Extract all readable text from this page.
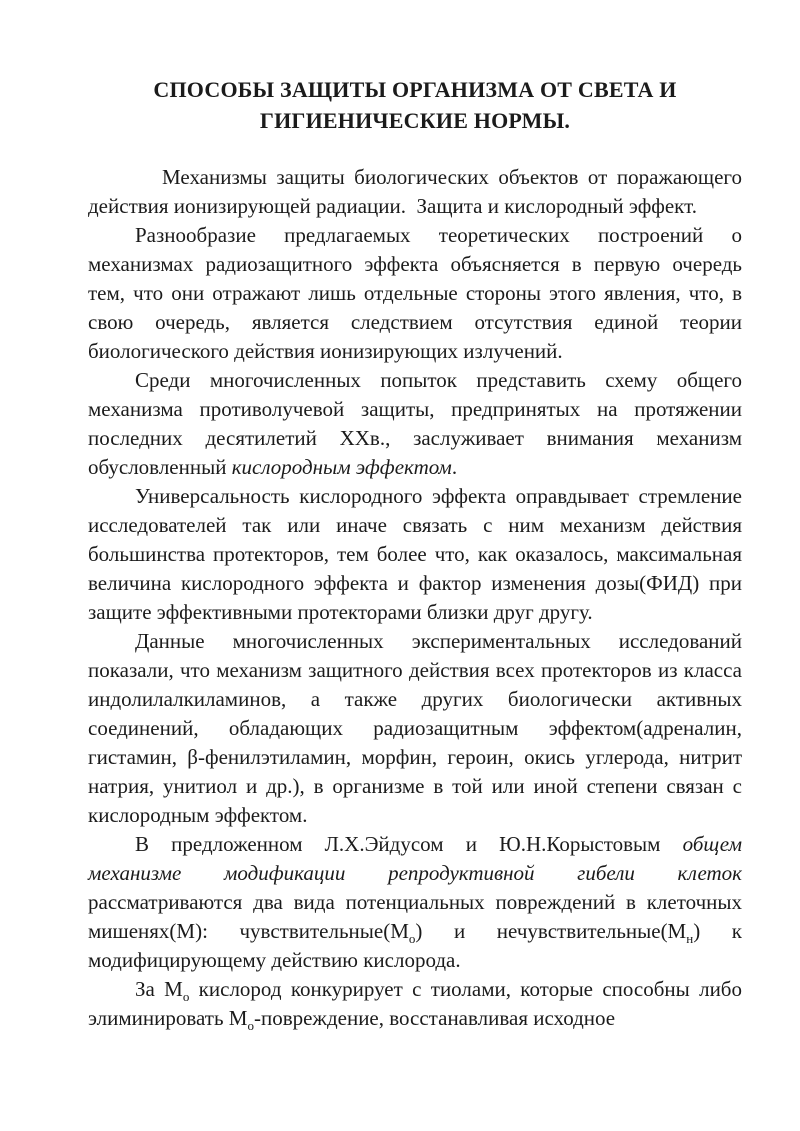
СПОСОБЫ ЗАЩИТЫ ОРГАНИЗМА ОТ СВЕТА И
ГИГИЕНИЧЕСКИЕ НОРМЫ.

Механизмы защиты биологических объектов от поражающего действия ионизирующей радиации.  Защита и кислородный эффект.

Разнообразие предлагаемых теоретических построений о механизмах радиозащитного эффекта объясняется в первую очередь тем, что они отражают лишь отдельные стороны этого явления, что, в свою очередь, является следствием отсутствия единой теории биологического действия ионизирующих излучений.

Среди многочисленных попыток представить схему общего механизма противолучевой защиты, предпринятых на протяжении последних десятилетий XXв., заслуживает внимания механизм обусловленный кислородным эффектом.

Универсальность кислородного эффекта оправдывает стремление исследователей так или иначе связать с ним механизм действия большинства протекторов, тем более что, как оказалось, максимальная величина кислородного эффекта и фактор изменения дозы(ФИД) при защите эффективными протекторами близки друг другу.

Данные многочисленных экспериментальных исследований показали, что механизм защитного действия всех протекторов из класса индолилалкиламинов, а также других биологически активных соединений, обладающих радиозащитным эффектом(адреналин, гистамин, β-фенилэтиламин, морфин, героин, окись углерода, нитрит натрия, унитиол и др.), в организме в той или иной степени связан с кислородным эффектом.

В предложенном Л.Х.Эйдусом и Ю.Н.Корыстовым общем механизме модификации репродуктивной гибели клеток рассматриваются два вида потенциальных повреждений в клеточных мишенях(М): $чувствительные(М_о)$ и $нечувствительные(М_н)$ к модифицирующему действию кислорода.

За $М_о$ кислород конкурирует с тиолами, которые способны либо элиминировать $М_о$-повреждение, восстанавливая исходное
